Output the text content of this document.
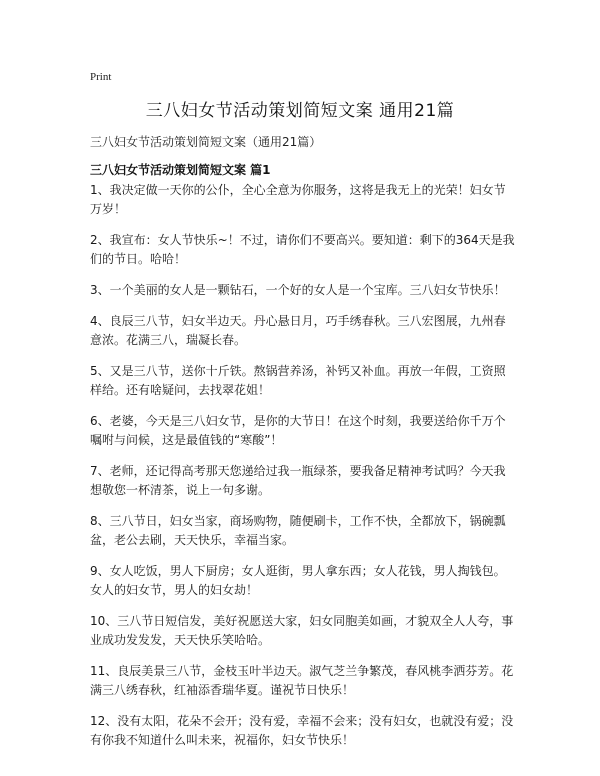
Print
三八妇女节活动策划简短文案 通用21篇
三八妇女节活动策划简短文案（通用21篇）
三八妇女节活动策划简短文案 篇1
1、我决定做一天你的公仆，全心全意为你服务，这将是我无上的光荣！妇女节万岁！
2、我宣布：女人节快乐~！不过，请你们不要高兴。要知道：剩下的364天是我们的节日。哈哈！
3、一个美丽的女人是一颗钻石，一个好的女人是一个宝库。三八妇女节快乐！
4、良辰三八节，妇女半边天。丹心悬日月，巧手绣春秋。三八宏图展，九州春意浓。花满三八，瑞凝长春。
5、又是三八节，送你十斤铁。熬锅营养汤，补钙又补血。再放一年假，工资照样给。还有啥疑问，去找翠花姐！
6、老婆，今天是三八妇女节，是你的大节日！在这个时刻，我要送给你千万个嘱咐与问候，这是最值钱的“寒酸”！
7、老师，还记得高考那天您递给过我一瓶绿茶，要我备足精神考试吗？今天我想敬您一杯清茶，说上一句多谢。
8、三八节日，妇女当家，商场购物，随便刷卡，工作不快，全都放下，锅碗瓢盆，老公去刷，天天快乐，幸福当家。
9、女人吃饭，男人下厨房；女人逛街，男人拿东西；女人花钱，男人掏钱包。女人的妇女节，男人的妇女劫！
10、三八节日短信发，美好祝愿送大家，妇女同胞美如画，才貌双全人人夸，事业成功发发发，天天快乐笑哈哈。
11、良辰美景三八节，金枝玉叶半边天。淑气芝兰争繁茂，春风桃李洒芬芳。花满三八绣春秋，红袖添香瑞华夏。谨祝节日快乐！
12、没有太阳，花朵不会开；没有爱，幸福不会来；没有妇女，也就没有爱；没有你我不知道什么叫未来，祝福你，妇女节快乐！
